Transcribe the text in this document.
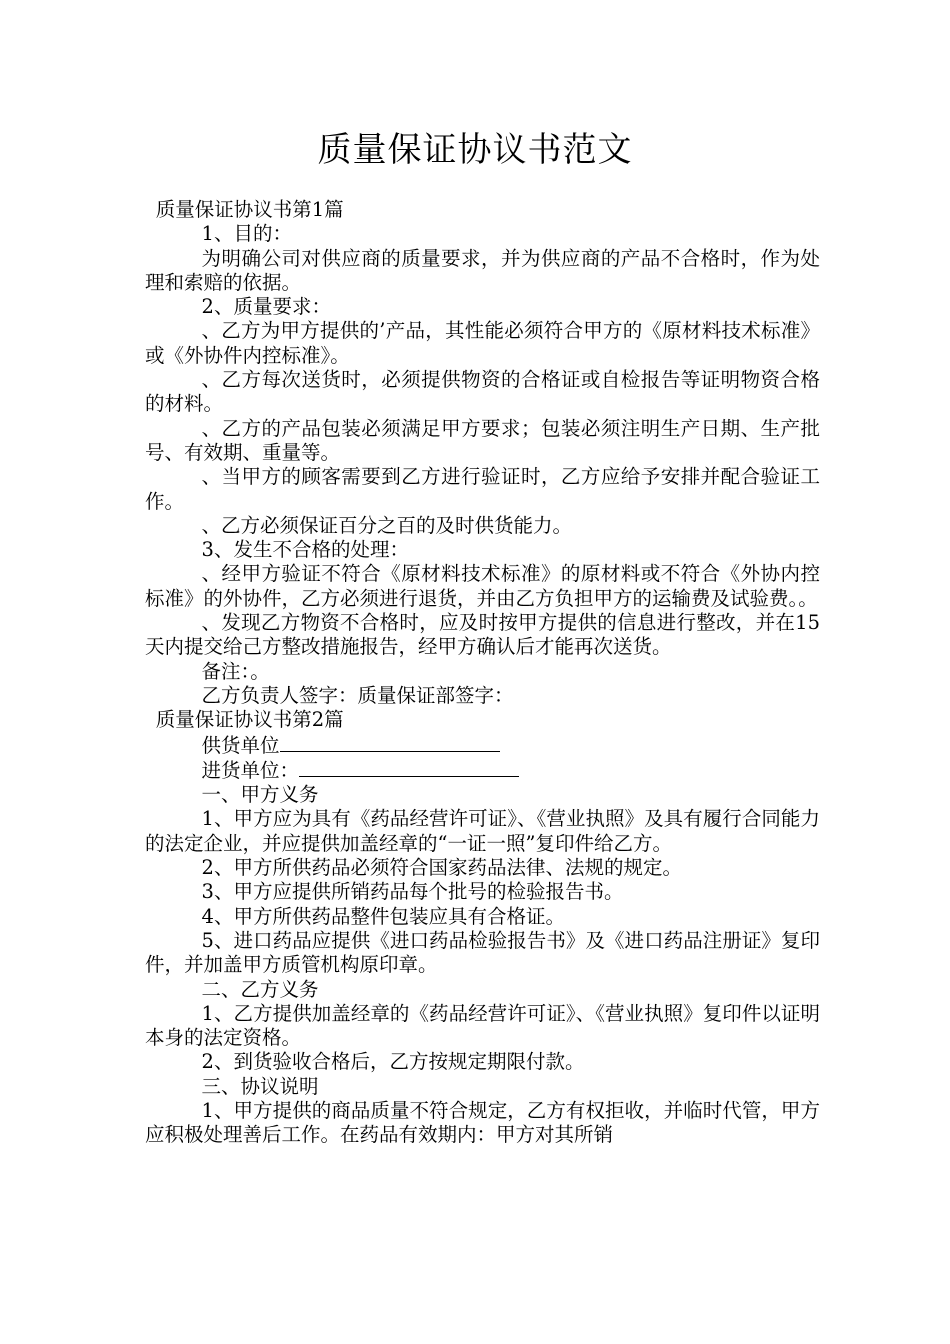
质量保证协议书范文

质量保证协议书第1篇

1、目的：

为明确公司对供应商的质量要求，并为供应商的产品不合格时，作为处理和索赔的依据。

2、质量要求：

、乙方为甲方提供的’产品，其性能必须符合甲方的《原材料技术标准》或《外协件内控标准》。

、乙方每次送货时，必须提供物资的合格证或自检报告等证明物资合格的材料。

、乙方的产品包装必须满足甲方要求；包装必须注明生产日期、生产批号、有效期、重量等。

、当甲方的顾客需要到乙方进行验证时，乙方应给予安排并配合验证工作。

、乙方必须保证百分之百的及时供货能力。

3、发生不合格的处理：

、经甲方验证不符合《原材料技术标准》的原材料或不符合《外协内控标准》的外协件，乙方必须进行退货，并由乙方负担甲方的运输费及试验费。。

、发现乙方物资不合格时，应及时按甲方提供的信息进行整改，并在15天内提交给己方整改措施报告，经甲方确认后才能再次送货。

备注：。

乙方负责人签字：质量保证部签字：

质量保证协议书第2篇

供货单位

进货单位：

一、甲方义务

1、甲方应为具有《药品经营许可证》、《营业执照》及具有履行合同能力的法定企业，并应提供加盖经章的“一证一照”复印件给乙方。

2、甲方所供药品必须符合国家药品法律、法规的规定。

3、甲方应提供所销药品每个批号的检验报告书。

4、甲方所供药品整件包装应具有合格证。

5、进口药品应提供《进口药品检验报告书》及《进口药品注册证》复印件，并加盖甲方质管机构原印章。

二、乙方义务

1、乙方提供加盖经章的《药品经营许可证》、《营业执照》复印件以证明本身的法定资格。

2、到货验收合格后，乙方按规定期限付款。

三、协议说明

1、甲方提供的商品质量不符合规定，乙方有权拒收，并临时代管，甲方应积极处理善后工作。在药品有效期内：甲方对其所销
